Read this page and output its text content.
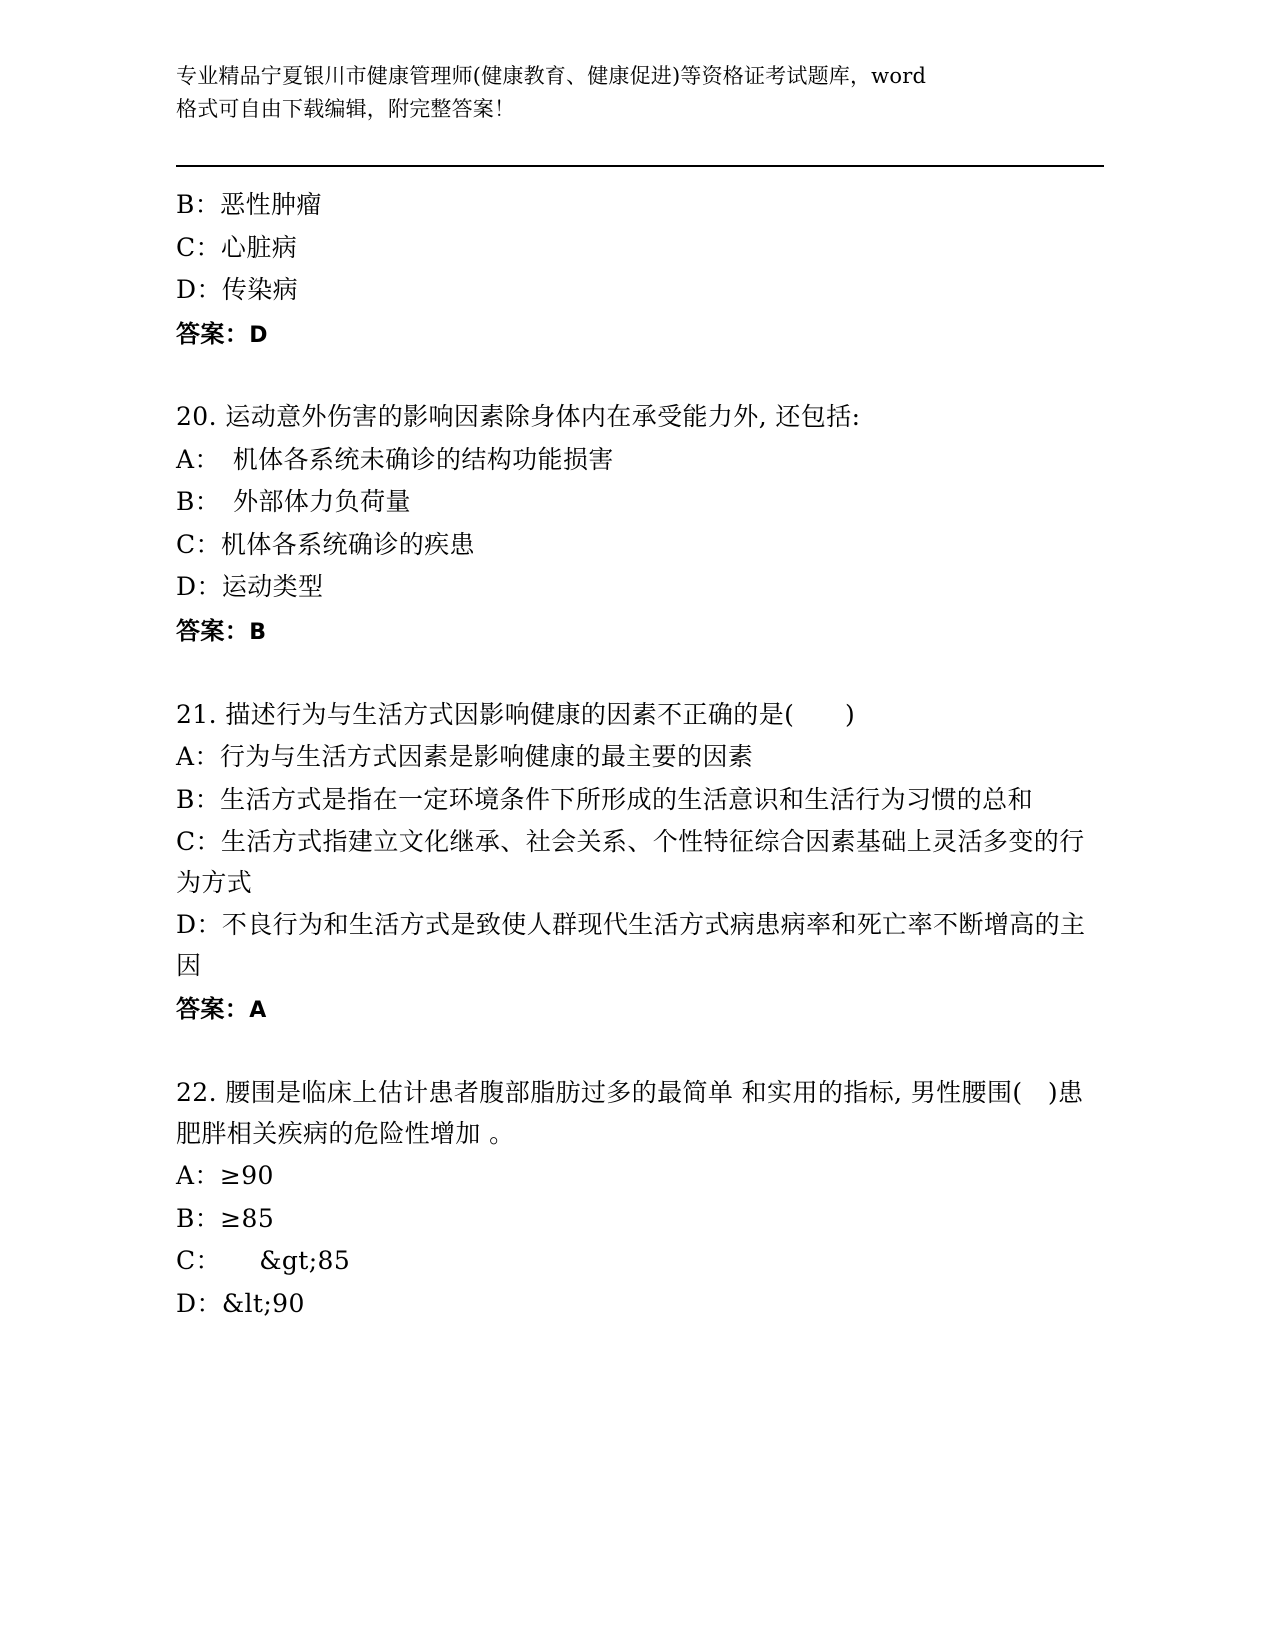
专业精品宁夏银川市健康管理师(健康教育、健康促进)等资格证考试题库，word
格式可自由下载编辑，附完整答案！

B：恶性肿瘤

C：心脏病

D：传染病

答案：D

20. 运动意外伤害的影响因素除身体内在承受能力外, 还包括:

A：　机体各系统未确诊的结构功能损害

B：　外部体力负荷量

C：机体各系统确诊的疾患

D：运动类型

答案：B

21. 描述行为与生活方式因影响健康的因素不正确的是(　　)

A：行为与生活方式因素是影响健康的最主要的因素

B：生活方式是指在一定环境条件下所形成的生活意识和生活行为习惯的总和

C：生活方式指建立文化继承、社会关系、个性特征综合因素基础上灵活多变的行为方式

D：不良行为和生活方式是致使人群现代生活方式病患病率和死亡率不断增高的主因

答案：A

22. 腰围是临床上估计患者腹部脂肪过多的最简单 和实用的指标, 男性腰围(　)患肥胖相关疾病的危险性增加 。

A：≥90

B：≥85

C：　　&gt;85

D：&lt;90
